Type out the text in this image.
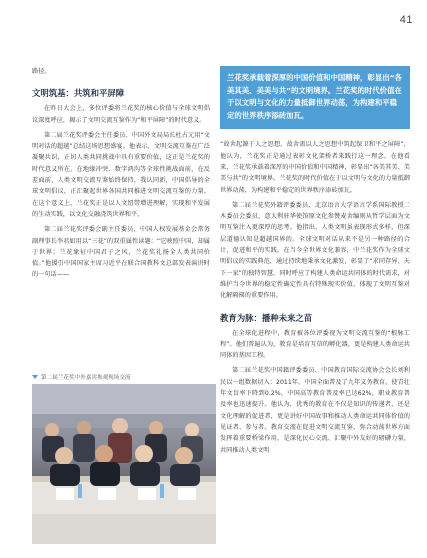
41

路径。

文明筑基：共筑和平屏障

在昨日大会上，多位评委将兰花奖的核心价值与全球文明倡议深度呼应，揭示了文明交流互鉴作为“和平屏障”的时代意义。

第二届兰花奖评委会主任委员、中国外文局局长杜占元用“文明对话的超越”总结这场思想盛宴。他表示，文明交流互鉴在广泛凝聚共识，正切人类共同挑战中具有重要价值，这正是兰花奖的时代意义所在。在地缘冲突、数字鸿沟等全球性挑战面前，在反差面前，人类文明交流互鉴始终保持，我认同新，中国倡导的全球文明倡议，正汇聚起世界各国共同推进文明交流互鉴的力量。在这个意义上，兰花奖正是以人文纽带增进理解，实现和平发展的生动实践，以文化交融浇筑世界和平。

第二届兰花奖评委会副主任委员、中国人权发展基金会常务副理事长李君如用以“三花”的双重属性读题：“它映照中国，却属于世界；兰花象征中国君子之风，兰花奖礼扬全人类共同价值。”他援引中国国家主席习近平在联合国教科文总部发表演讲时的一句话——

第二届兰花奖中外嘉宾参观现场交流
兰花奖承载着深厚的中国价值和中国精神，彰显出“各美其美、美美与共”的文明境界。兰花奖的时代价值在于以文明与文化的力量抵御世界动荡，为构建和平稳定的世界秩序添砖加瓦。

“故舍起源于人之思想，故舍需以人之思想中筑起保卫和平之屏障”，他认为，兰花奖正是通过表彰文化架桥者来践行这一理念。在他看来，兰花奖承载着深厚的中国价值和中国精神，彰显出“各美其美、美美与共”的文明境界。兰花奖的时代价值在于以文明与文化的力量抵御世界动荡，为构建和平稳定的世界秩序添砖加瓦。

第二届兰花奖外籍评委委员、北京语言大学语言学系国际教授二木委员会委员、意大利驻华使馆原文化参赞麦舍编则从哲学层面为文明互鉴注入更深厚的思考。他指出，人类文明虽表现形式多样，但深层道德认知是超越国界的。全球文明对话从来不是另一种路径的合计，促进和平的实践。在当今全世界文化兼容，中兰花奖作为全球文明倡议的实践典范，通过持续地秉承文化激发，彰显了“求同存异、天下一家”的独特智慧，同时呼应了构建人类命运共同体的时代需求，对维护当今世界的稳定性确定性具有特殊现实价值，体现了文明互鉴对化解隔阂的重要作用。

教育为脉：播种未来之苗

在全球化进程中，教育被各位评委视为文明交流互鉴的“根脉工程”。他们普遍认为，教育是培育互信的孵化器，更是构建人类命运共同体的基因工程。

第二届兰花奖中国籍评委委员、中国教育国际交流协会会长刘利民以一组数据切入：2011年，中国全面普及了九年义务教育，使青壮年文盲率下降到0.2%，中国高等教育普及率已达62%，职业教育普及率也迅速提升。他认为，优秀的教育在不仅是知识的传递者，还是文化理解的促进者，更是讲好中国故事和推动人类命运共同体价值的见证者、参与者。教育交流在促进文明交流互鉴、弥合动荡世界方面发挥着重要桥梁作用，是深化民心交流、汇聚中外友好的磅礴力量，共同推动人类文明
